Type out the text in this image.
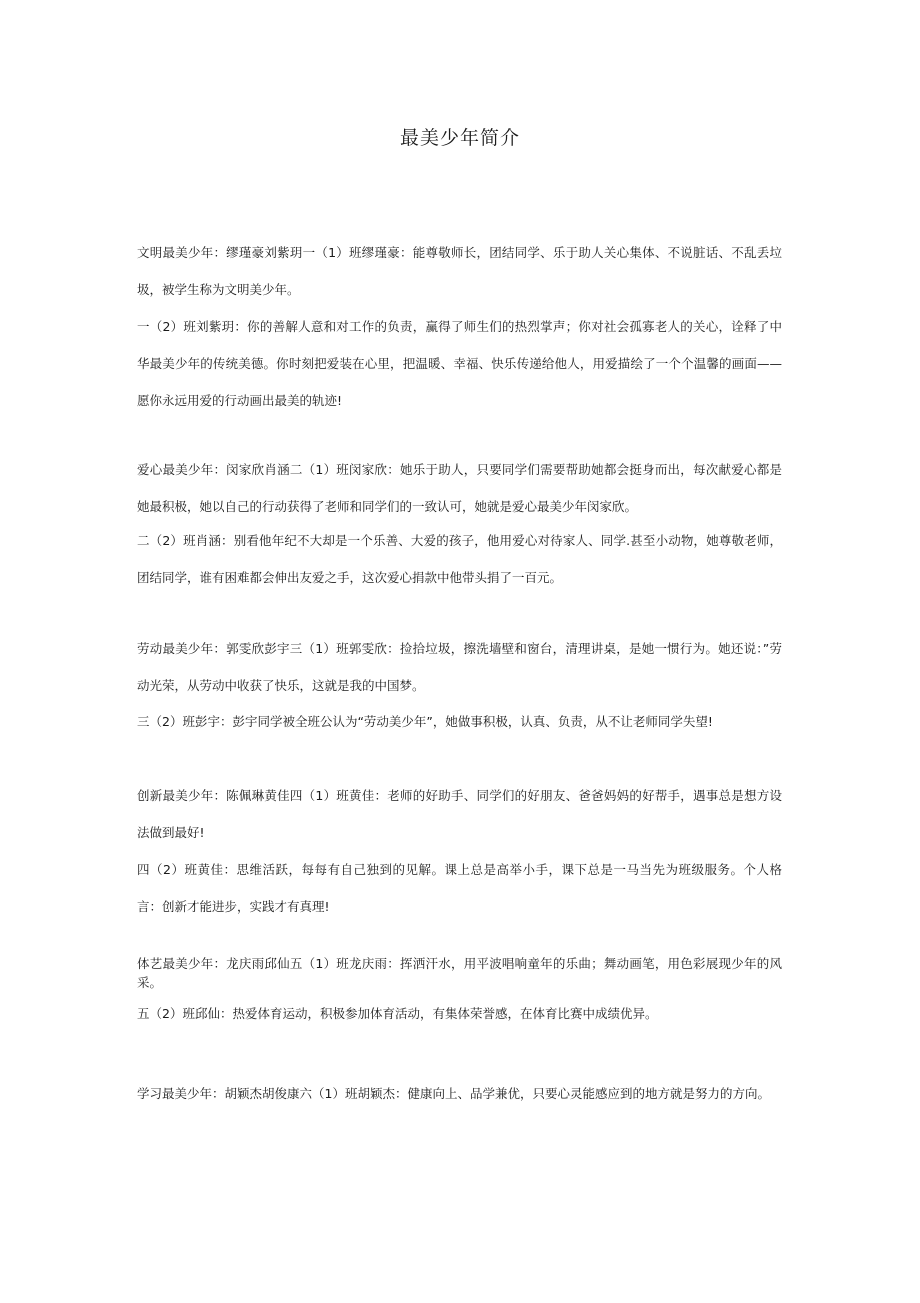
最美少年简介

文明最美少年：缪瑾豪刘紫玥一（1）班缪瑾豪：能尊敬师长，团结同学、乐于助人关心集体、不说脏话、不乱丢垃圾，被学生称为文明美少年。

一（2）班刘紫玥：你的善解人意和对工作的负责，赢得了师生们的热烈掌声；你对社会孤寡老人的关心，诠释了中华最美少年的传统美德。你时刻把爱装在心里，把温暖、幸福、快乐传递给他人，用爱描绘了一个个温馨的画面——愿你永远用爱的行动画出最美的轨迹!

爱心最美少年：闵家欣肖涵二（1）班闵家欣：她乐于助人，只要同学们需要帮助她都会挺身而出，每次献爱心都是她最积极，她以自己的行动获得了老师和同学们的一致认可，她就是爱心最美少年闵家欣。

二（2）班肖涵：别看他年纪不大却是一个乐善、大爱的孩子，他用爱心对待家人、同学.甚至小动物，她尊敬老师，团结同学，谁有困难都会伸出友爱之手，这次爱心捐款中他带头捐了一百元。

劳动最美少年：郭雯欣彭宇三（1）班郭雯欣：捡拾垃圾，擦洗墙壁和窗台，清理讲桌，是她一惯行为。她还说：”劳动光荣，从劳动中收获了快乐，这就是我的中国梦。

三（2）班彭宇：彭宇同学被全班公认为“劳动美少年”，她做事积极，认真、负责，从不让老师同学失望!

创新最美少年：陈佩琳黄佳四（1）班黄佳：老师的好助手、同学们的好朋友、爸爸妈妈的好帮手，遇事总是想方设法做到最好!

四（2）班黄佳：思维活跃，每每有自己独到的见解。课上总是高举小手，课下总是一马当先为班级服务。个人格言：创新才能进步，实践才有真理!

体艺最美少年：龙庆雨邱仙五（1）班龙庆雨：挥洒汗水，用平波唱响童年的乐曲；舞动画笔，用色彩展现少年的风采。

五（2）班邱仙：热爱体育运动，积极参加体育活动，有集体荣誉感，在体育比赛中成绩优异。

学习最美少年：胡颖杰胡俊康六（1）班胡颖杰：健康向上、品学兼优，只要心灵能感应到的地方就是努力的方向。
